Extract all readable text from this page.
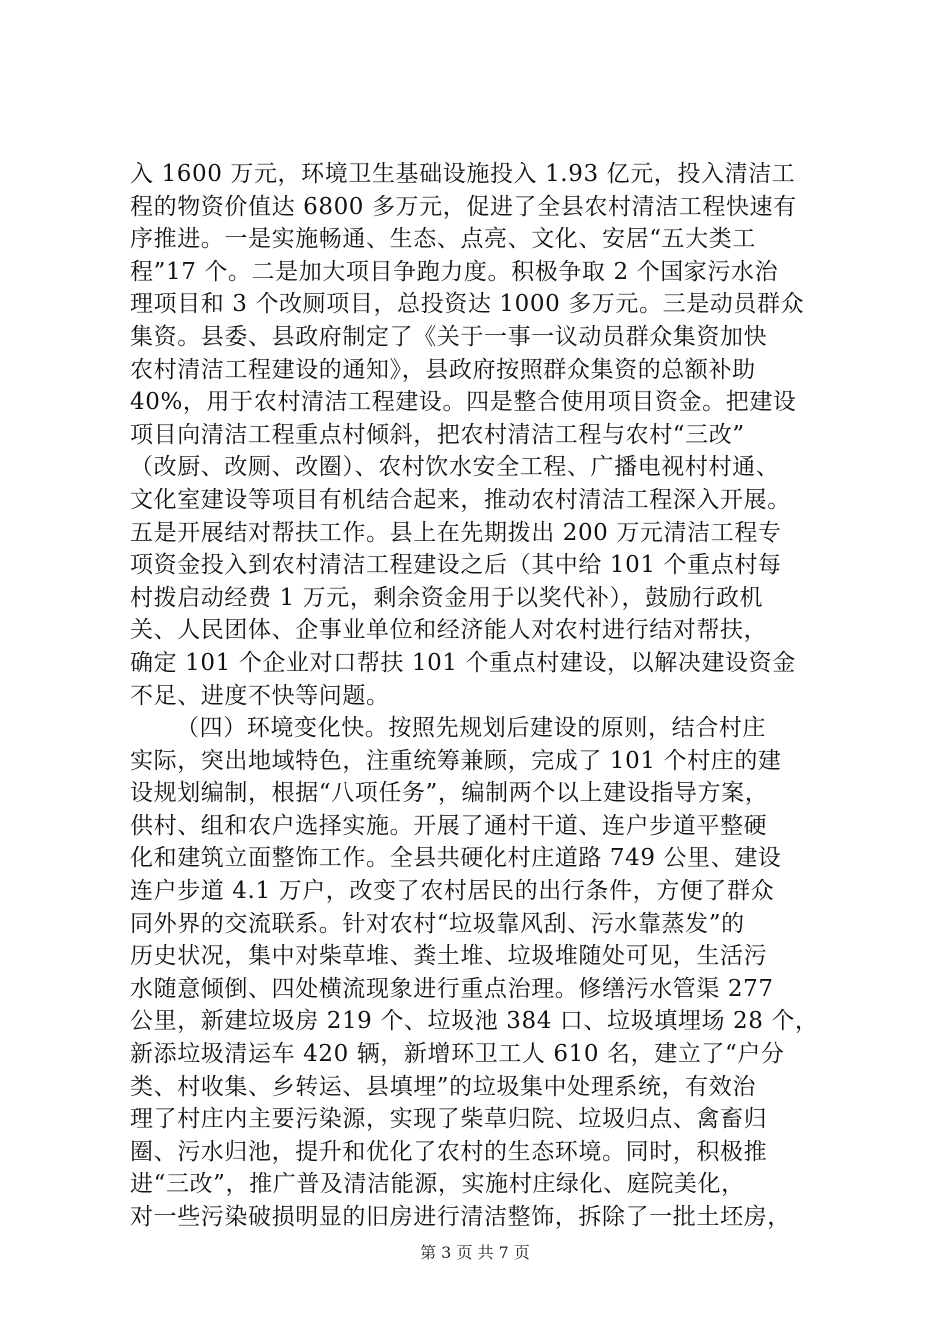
入 1600 万元，环境卫生基础设施投入 1.93 亿元，投入清洁工
程的物资价值达 6800 多万元，促进了全县农村清洁工程快速有
序推进。一是实施畅通、生态、点亮、文化、安居“五大类工
程”17 个。二是加大项目争跑力度。积极争取 2 个国家污水治
理项目和 3 个改厕项目，总投资达 1000 多万元。三是动员群众
集资。县委、县政府制定了《关于一事一议动员群众集资加快
农村清洁工程建设的通知》，县政府按照群众集资的总额补助
40%，用于农村清洁工程建设。四是整合使用项目资金。把建设
项目向清洁工程重点村倾斜，把农村清洁工程与农村“三改”
（改厨、改厕、改圈）、农村饮水安全工程、广播电视村村通、
文化室建设等项目有机结合起来，推动农村清洁工程深入开展。
五是开展结对帮扶工作。县上在先期拨出 200 万元清洁工程专
项资金投入到农村清洁工程建设之后（其中给 101 个重点村每
村拨启动经费 1 万元，剩余资金用于以奖代补），鼓励行政机
关、人民团体、企事业单位和经济能人对农村进行结对帮扶，
确定 101 个企业对口帮扶 101 个重点村建设，以解决建设资金
不足、进度不快等问题。
（四）环境变化快。按照先规划后建设的原则，结合村庄
实际，突出地域特色，注重统筹兼顾，完成了 101 个村庄的建
设规划编制，根据“八项任务”，编制两个以上建设指导方案，
供村、组和农户选择实施。开展了通村干道、连户步道平整硬
化和建筑立面整饰工作。全县共硬化村庄道路 749 公里、建设
连户步道 4.1 万户，改变了农村居民的出行条件，方便了群众
同外界的交流联系。针对农村“垃圾靠风刮、污水靠蒸发”的
历史状况，集中对柴草堆、粪土堆、垃圾堆随处可见，生活污
水随意倾倒、四处横流现象进行重点治理。修缮污水管渠 277
公里，新建垃圾房 219 个、垃圾池 384 口、垃圾填埋场 28 个，
新添垃圾清运车 420 辆，新增环卫工人 610 名，建立了“户分
类、村收集、乡转运、县填埋”的垃圾集中处理系统，有效治
理了村庄内主要污染源，实现了柴草归院、垃圾归点、禽畜归
圈、污水归池，提升和优化了农村的生态环境。同时，积极推
进“三改”，推广普及清洁能源，实施村庄绿化、庭院美化，
对一些污染破损明显的旧房进行清洁整饰，拆除了一批土坯房，
第 3 页 共 7 页
